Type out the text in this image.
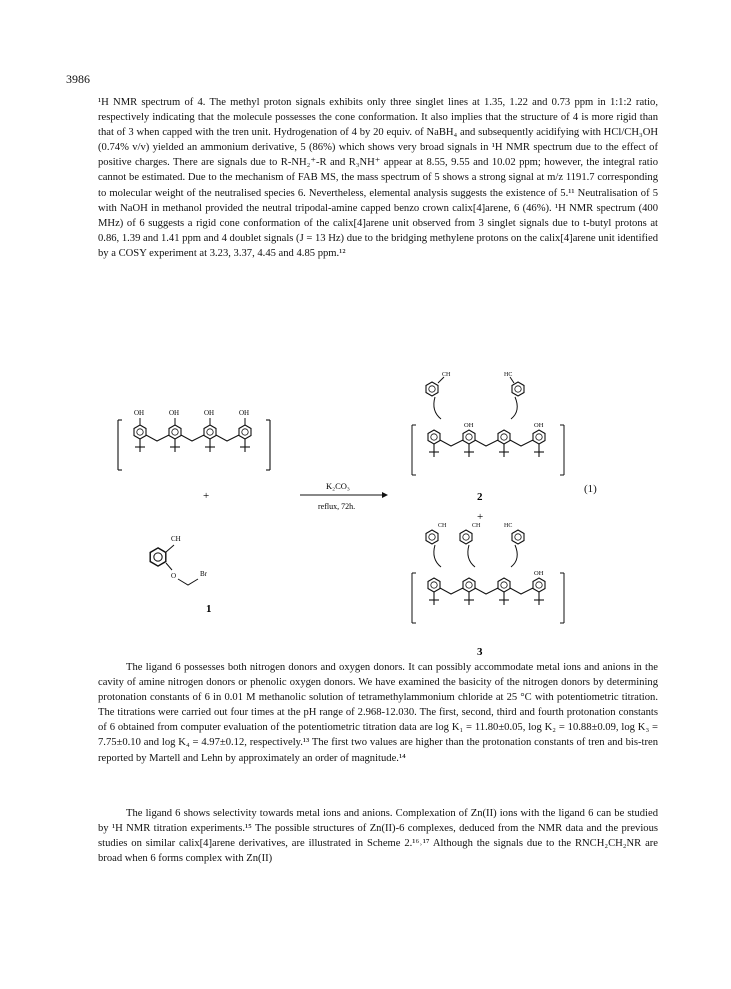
3986

¹H NMR spectrum of 4. The methyl proton signals exhibits only three singlet lines at 1.35, 1.22 and 0.73 ppm in 1:1:2 ratio, respectively indicating that the molecule possesses the cone conformation. It also implies that the structure of 4 is more rigid than that of 3 when capped with the tren unit. Hydrogenation of 4 by 20 equiv. of NaBH₄ and subsequently acidifying with HCl/CH₃OH (0.74% v/v) yielded an ammonium derivative, 5 (86%) which shows very broad signals in ¹H NMR spectrum due to the effect of positive charges. There are signals due to R-NH₂⁺-R and R₃NH⁺ appear at 8.55, 9.55 and 10.02 ppm; however, the integral ratio cannot be estimated. Due to the mechanism of FAB MS, the mass spectrum of 5 shows a strong signal at m/z 1191.7 corresponding to molecular weight of the neutralised species 6. Nevertheless, elemental analysis suggests the existence of 5.¹¹ Neutralisation of 5 with NaOH in methanol provided the neutral tripodal-amine capped benzo crown calix[4]arene, 6 (46%). ¹H NMR spectrum (400 MHz) of 6 suggests a rigid cone conformation of the calix[4]arene unit observed from 3 singlet signals due to t-butyl protons at 0.86, 1.39 and 1.41 ppm and 4 doublet signals (J = 13 Hz) due to the bridging methylene protons on the calix[4]arene unit identified by a COSY experiment at 3.23, 3.37, 4.45 and 4.85 ppm.¹²

OH	OH	OH	OH
+
CH
O	Br
1
K₂CO₃
reflux, 72h.
CH	HC
OH	OH
2
+
CH	CH	HC
OH
3
(1)

The ligand 6 possesses both nitrogen donors and oxygen donors. It can possibly accommodate metal ions and anions in the cavity of amine nitrogen donors or phenolic oxygen donors. We have examined the basicity of the nitrogen donors by determining protonation constants of 6 in 0.01 M methanolic solution of tetramethylammonium chloride at 25 °C with potentiometric titration. The titrations were carried out four times at the pH range of 2.968-12.030. The first, second, third and fourth protonation constants of 6 obtained from computer evaluation of the potentiometric titration data are log K₁ = 11.80±0.05, log K₂ = 10.88±0.09, log K₃ = 7.75±0.10 and log K₄ = 4.97±0.12, respectively.¹³ The first two values are higher than the protonation constants of tren and bis-tren reported by Martell and Lehn by approximately an order of magnitude.¹⁴

The ligand 6 shows selectivity towards metal ions and anions. Complexation of Zn(II) ions with the ligand 6 can be studied by ¹H NMR titration experiments.¹⁵ The possible structures of Zn(II)-6 complexes, deduced from the NMR data and the previous studies on similar calix[4]arene derivatives, are illustrated in Scheme 2.¹⁶˒¹⁷ Although the signals due to the RNCH₂CH₂NR are broad when 6 forms complex with Zn(II)
